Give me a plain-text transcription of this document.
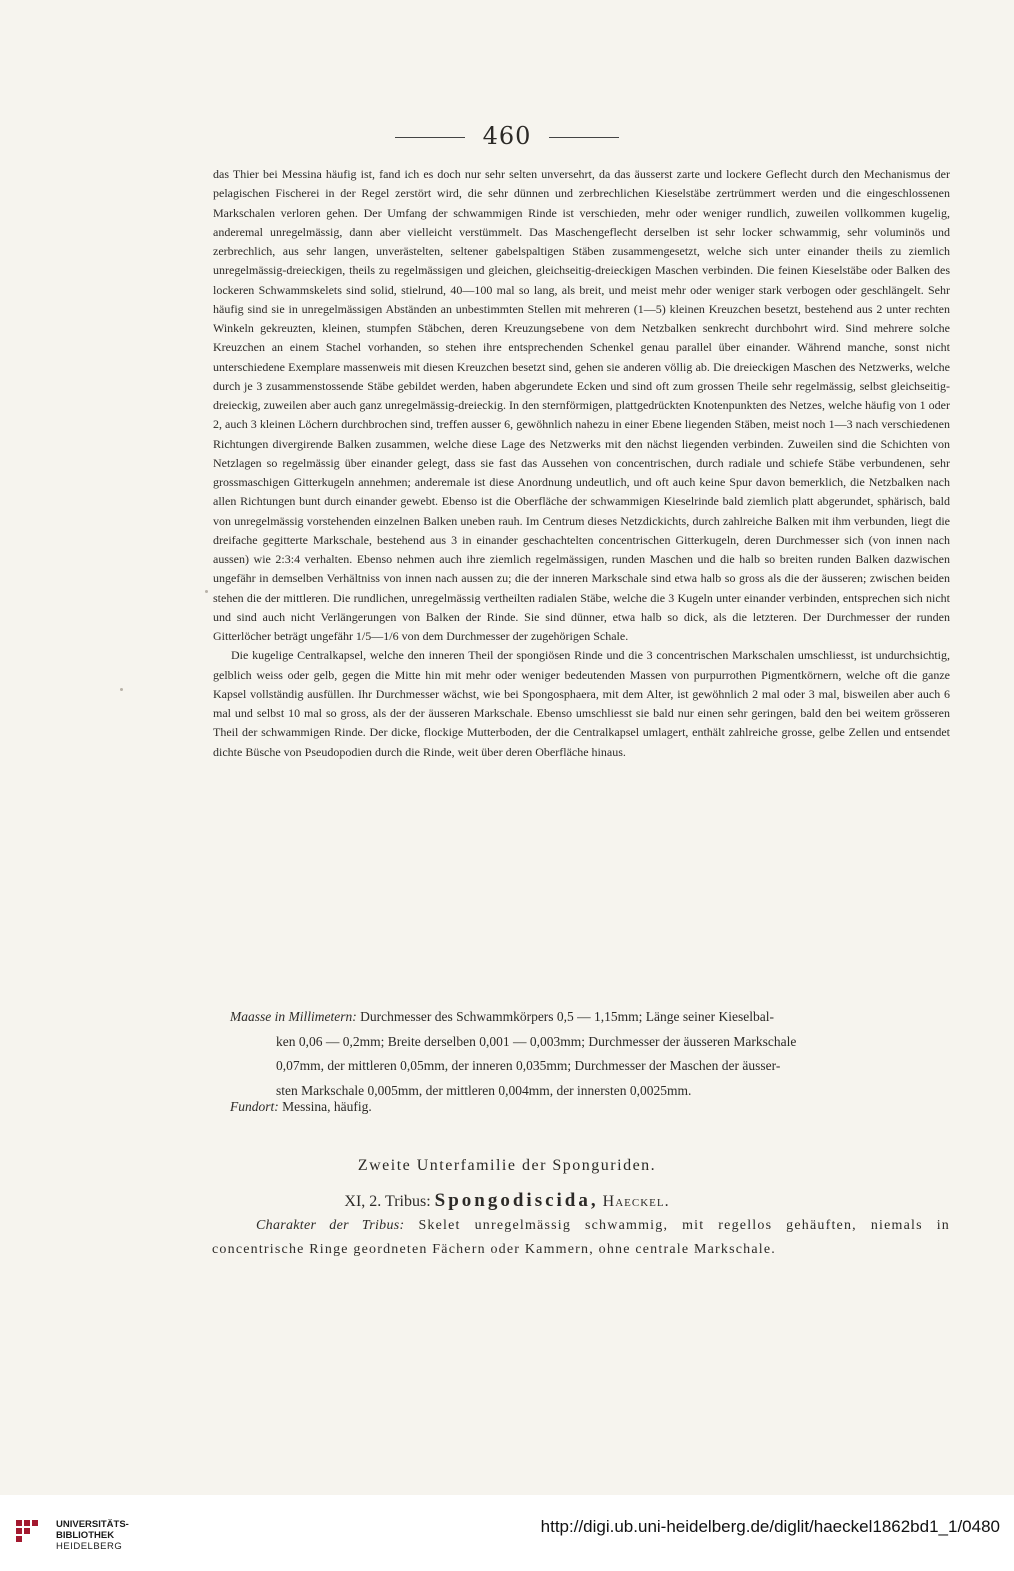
460

das Thier bei Messina häufig ist, fand ich es doch nur sehr selten unversehrt, da das äusserst zarte und lockere Geflecht durch den Mechanismus der pelagischen Fischerei in der Regel zerstört wird, die sehr dünnen und zerbrechlichen Kieselstäbe zertrümmert werden und die eingeschlossenen Markschalen verloren gehen. Der Umfang der schwammigen Rinde ist verschieden, mehr oder weniger rundlich, zuweilen vollkommen kugelig, anderemal unregelmässig, dann aber vielleicht verstümmelt. Das Maschengeflecht derselben ist sehr locker schwammig, sehr voluminös und zerbrechlich, aus sehr langen, unverästelten, seltener gabelspaltigen Stäben zusammengesetzt, welche sich unter einander theils zu ziemlich unregelmässig-dreieckigen, theils zu regelmässigen und gleichen, gleichseitig-dreieckigen Maschen verbinden. Die feinen Kieselstäbe oder Balken des lockeren Schwammskelets sind solid, stielrund, 40—100 mal so lang, als breit, und meist mehr oder weniger stark verbogen oder geschlängelt. Sehr häufig sind sie in unregelmässigen Abständen an unbestimmten Stellen mit mehreren (1—5) kleinen Kreuzchen besetzt, bestehend aus 2 unter rechten Winkeln gekreuzten, kleinen, stumpfen Stäbchen, deren Kreuzungsebene von dem Netzbalken senkrecht durchbohrt wird. Sind mehrere solche Kreuzchen an einem Stachel vorhanden, so stehen ihre entsprechenden Schenkel genau parallel über einander. Während manche, sonst nicht unterschiedene Exemplare massenweis mit diesen Kreuzchen besetzt sind, gehen sie anderen völlig ab. Die dreieckigen Maschen des Netzwerks, welche durch je 3 zusammenstossende Stäbe gebildet werden, haben abgerundete Ecken und sind oft zum grossen Theile sehr regelmässig, selbst gleichseitig-dreieckig, zuweilen aber auch ganz unregelmässig-dreieckig. In den sternförmigen, plattgedrückten Knotenpunkten des Netzes, welche häufig von 1 oder 2, auch 3 kleinen Löchern durchbrochen sind, treffen ausser 6, gewöhnlich nahezu in einer Ebene liegenden Stäben, meist noch 1—3 nach verschiedenen Richtungen divergirende Balken zusammen, welche diese Lage des Netzwerks mit den nächst liegenden verbinden. Zuweilen sind die Schichten von Netzlagen so regelmässig über einander gelegt, dass sie fast das Aussehen von concentrischen, durch radiale und schiefe Stäbe verbundenen, sehr grossmaschigen Gitterkugeln annehmen; anderemale ist diese Anordnung undeutlich, und oft auch keine Spur davon bemerklich, die Netzbalken nach allen Richtungen bunt durch einander gewebt. Ebenso ist die Oberfläche der schwammigen Kieselrinde bald ziemlich platt abgerundet, sphärisch, bald von unregelmässig vorstehenden einzelnen Balken uneben rauh. Im Centrum dieses Netzdickichts, durch zahlreiche Balken mit ihm verbunden, liegt die dreifache gegitterte Markschale, bestehend aus 3 in einander geschachtelten concentrischen Gitterkugeln, deren Durchmesser sich (von innen nach aussen) wie 2:3:4 verhalten. Ebenso nehmen auch ihre ziemlich regelmässigen, runden Maschen und die halb so breiten runden Balken dazwischen ungefähr in demselben Verhältniss von innen nach aussen zu; die der inneren Markschale sind etwa halb so gross als die der äusseren; zwischen beiden stehen die der mittleren. Die rundlichen, unregelmässig vertheilten radialen Stäbe, welche die 3 Kugeln unter einander verbinden, entsprechen sich nicht und sind auch nicht Verlängerungen von Balken der Rinde. Sie sind dünner, etwa halb so dick, als die letzteren. Der Durchmesser der runden Gitterlöcher beträgt ungefähr 1/5—1/6 von dem Durchmesser der zugehörigen Schale.

Die kugelige Centralkapsel, welche den inneren Theil der spongiösen Rinde und die 3 concentrischen Markschalen umschliesst, ist undurchsichtig, gelblich weiss oder gelb, gegen die Mitte hin mit mehr oder weniger bedeutenden Massen von purpurrothen Pigmentkörnern, welche oft die ganze Kapsel vollständig ausfüllen. Ihr Durchmesser wächst, wie bei Spongosphaera, mit dem Alter, ist gewöhnlich 2 mal oder 3 mal, bisweilen aber auch 6 mal und selbst 10 mal so gross, als der der äusseren Markschale. Ebenso umschliesst sie bald nur einen sehr geringen, bald den bei weitem grösseren Theil der schwammigen Rinde. Der dicke, flockige Mutterboden, der die Centralkapsel umlagert, enthält zahlreiche grosse, gelbe Zellen und entsendet dichte Büsche von Pseudopodien durch die Rinde, weit über deren Oberfläche hinaus.

Maasse in Millimetern: Durchmesser des Schwammkörpers 0,5 — 1,15mm; Länge seiner Kieselbal-
ken 0,06 — 0,2mm; Breite derselben 0,001 — 0,003mm; Durchmesser der äusseren Markschale
0,07mm, der mittleren 0,05mm, der inneren 0,035mm; Durchmesser der Maschen der äusser-
sten Markschale 0,005mm, der mittleren 0,004mm, der innersten 0,0025mm.
Fundort: Messina, häufig.
Zweite Unterfamilie der Sponguriden.
XI, 2. Tribus: Spongodiscida, Haeckel.
Charakter der Tribus: Skelet unregelmässig schwammig, mit regellos gehäuften, niemals in concentrische Ringe geordneten Fächern oder Kammern, ohne centrale Markschale.
UNIVERSITÄTS-
BIBLIOTHEK
HEIDELBERG
http://digi.ub.uni-heidelberg.de/diglit/haeckel1862bd1_1/0480
